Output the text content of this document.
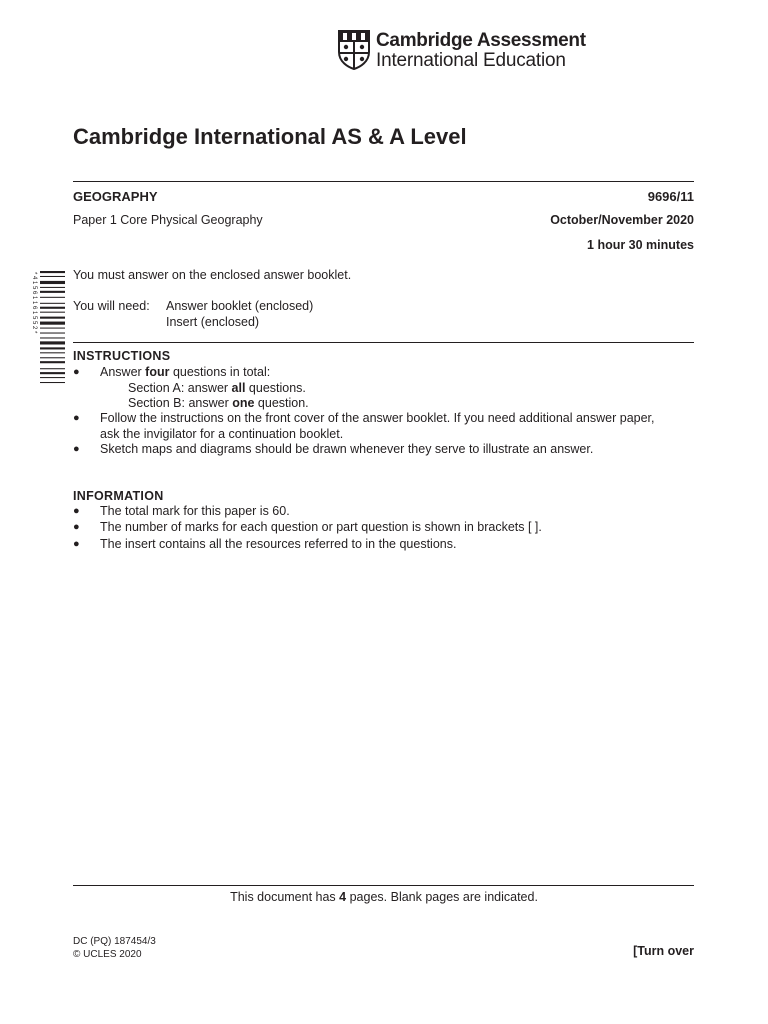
Cambridge Assessment
International Education
Cambridge International AS & A Level
GEOGRAPHY	9696/11
Paper 1 Core Physical Geography	October/November 2020
1 hour 30 minutes
* 4 1 5 6 1 1 6 1 5 5 2 *	You must answer on the enclosed answer booklet.
You will need: Answer booklet (enclosed)
Insert (enclosed)
INSTRUCTIONS
● Answer four questions in total:
Section A: answer all questions.
Section B: answer one question.
● Follow the instructions on the front cover of the answer booklet. If you need additional answer paper,
ask the invigilator for a continuation booklet.
● Sketch maps and diagrams should be drawn whenever they serve to illustrate an answer.
INFORMATION
● The total mark for this paper is 60.
● The number of marks for each question or part question is shown in brackets [ ].
● The insert contains all the resources referred to in the questions.
This document has 4 pages. Blank pages are indicated.
DC (PQ) 187454/3
© UCLES 2020	[Turn over
